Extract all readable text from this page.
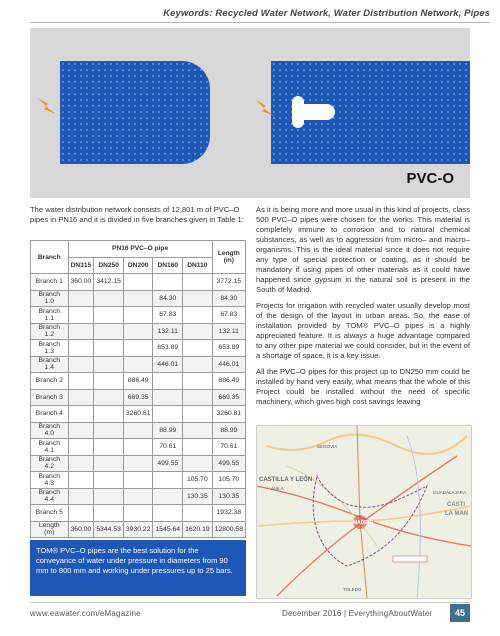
Keywords: Recycled Water Network, Water Distribution Network, Pipes
PVC-O
The water distribution network consists of 12,801 m of PVC–O pipes in PN16 and it is divided in five branches given in Table 1:
Branch	PN16 PVC–O pipe					Length (m)
	DN315	DN250	DN200	DN160	DN110	
Branch 1	360.00	3412.15				3772.15
Branch 1.0				84.30		84.30
Branch 1.1				67.83		67.83
Branch 1.2				132.11		132.11
Branch 1.3				653.89		653.89
Branch 1.4				446.01		446.01
Branch 2			886.49			886.49
Branch 3			669.35			669.35
Branch 4			3260.81			3260.81
Branch 4.0				88.99		88.99
Branch 4.1				70.61		70.61
Branch 4.2				499.55		499.55
Branch 4.3					105.70	105.70
Branch 4.4					130.35	130.35
Branch 5						1932.38
Length (m)	360.00	5344.53	3930.22	1545.64	1620.19	12800.58

TOM® PVC–O pipes are the best solution for the conveyance of water under pressure in diameters from 90 mm to 800 mm and working under pressures up to 25 bars.

As it is being more and more usual in this kind of projects, class 500 PVC–O pipes were chosen for the works. This material is completely immune to corrosion and to natural chemical substances, as well as to aggression from micro– and macro–organisms. This is the ideal material since it does not require any type of special protection or coating, as it should be mandatory if using pipes of other materials as it could have happened since gypsum in the natural soil is present in the South of Madrid.

Projects for irrigation with recycled water usually develop most of the design of the layout in urban areas. So, the ease of installation provided by TOM® PVC–O pipes is a highly appreciated feature. It is always a huge advantage compared to any other pipe material we could consider, but in the event of a shortage of space, it is a key issue.

All the PVC–O pipes for this project up to DN250 mm could be installed by hand very easily, what means that the whole of this Project could be installed without the need of specific machinery, which gives high cost savings leaving

CASTILLA Y LEÓN
MADRID
CASTI
LA MAN
ÁVILA
SEGOVIA
GUADALAJARA
TOLEDO
www.eawater.com/eMagazine	December 2016 | EverythingAboutWater	45
